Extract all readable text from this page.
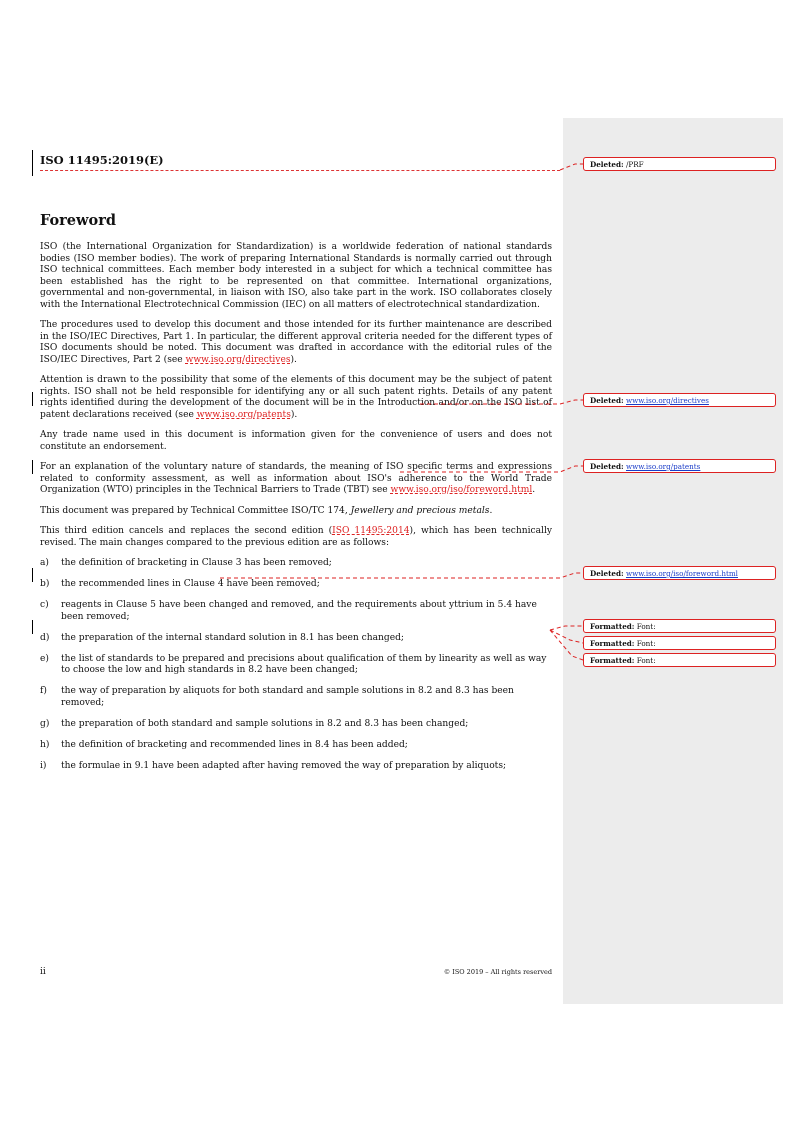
ISO 11495:2019(E)
Foreword

ISO (the International Organization for Standardization) is a worldwide federation of national standards bodies (ISO member bodies). The work of preparing International Standards is normally carried out through ISO technical committees. Each member body interested in a subject for which a technical committee has been established has the right to be represented on that committee. International organizations, governmental and non-governmental, in liaison with ISO, also take part in the work. ISO collaborates closely with the International Electrotechnical Commission (IEC) on all matters of electrotechnical standardization.

The procedures used to develop this document and those intended for its further maintenance are described in the ISO/IEC Directives, Part 1. In particular, the different approval criteria needed for the different types of ISO documents should be noted. This document was drafted in accordance with the editorial rules of the ISO/IEC Directives, Part 2 (see www.iso.org/directives).

Attention is drawn to the possibility that some of the elements of this document may be the subject of patent rights. ISO shall not be held responsible for identifying any or all such patent rights. Details of any patent rights identified during the development of the document will be in the Introduction and/or on the ISO list of patent declarations received (see www.iso.org/patents).

Any trade name used in this document is information given for the convenience of users and does not constitute an endorsement.

For an explanation of the voluntary nature of standards, the meaning of ISO specific terms and expressions related to conformity assessment, as well as information about ISO's adherence to the World Trade Organization (WTO) principles in the Technical Barriers to Trade (TBT) see www.iso.org/iso/foreword.html.

This document was prepared by Technical Committee ISO/TC 174, Jewellery and precious metals.

This third edition cancels and replaces the second edition (ISO 11495:2014), which has been technically revised. The main changes compared to the previous edition are as follows:

a) the definition of bracketing in Clause 3 has been removed;

b) the recommended lines in Clause 4 have been removed;

c) reagents in Clause 5 have been changed and removed, and the requirements about yttrium in 5.4 have been removed;

d) the preparation of the internal standard solution in 8.1 has been changed;

e) the list of standards to be prepared and precisions about qualification of them by linearity as well as way to choose the low and high standards in 8.2 have been changed;

f) the way of preparation by aliquots for both standard and sample solutions in 8.2 and 8.3 has been removed;

g) the preparation of both standard and sample solutions in 8.2 and 8.3 has been changed;

h) the definition of bracketing and recommended lines in 8.4 has been added;

i) the formulae in 9.1 have been adapted after having removed the way of preparation by aliquots;

ii	© ISO 2019 – All rights reserved
Deleted: /PRF
Deleted: www.iso.org/directives
Deleted: www.iso.org/patents
Deleted: www.iso.org/iso/foreword.html
Formatted: Font:
Formatted: Font:
Formatted: Font:
